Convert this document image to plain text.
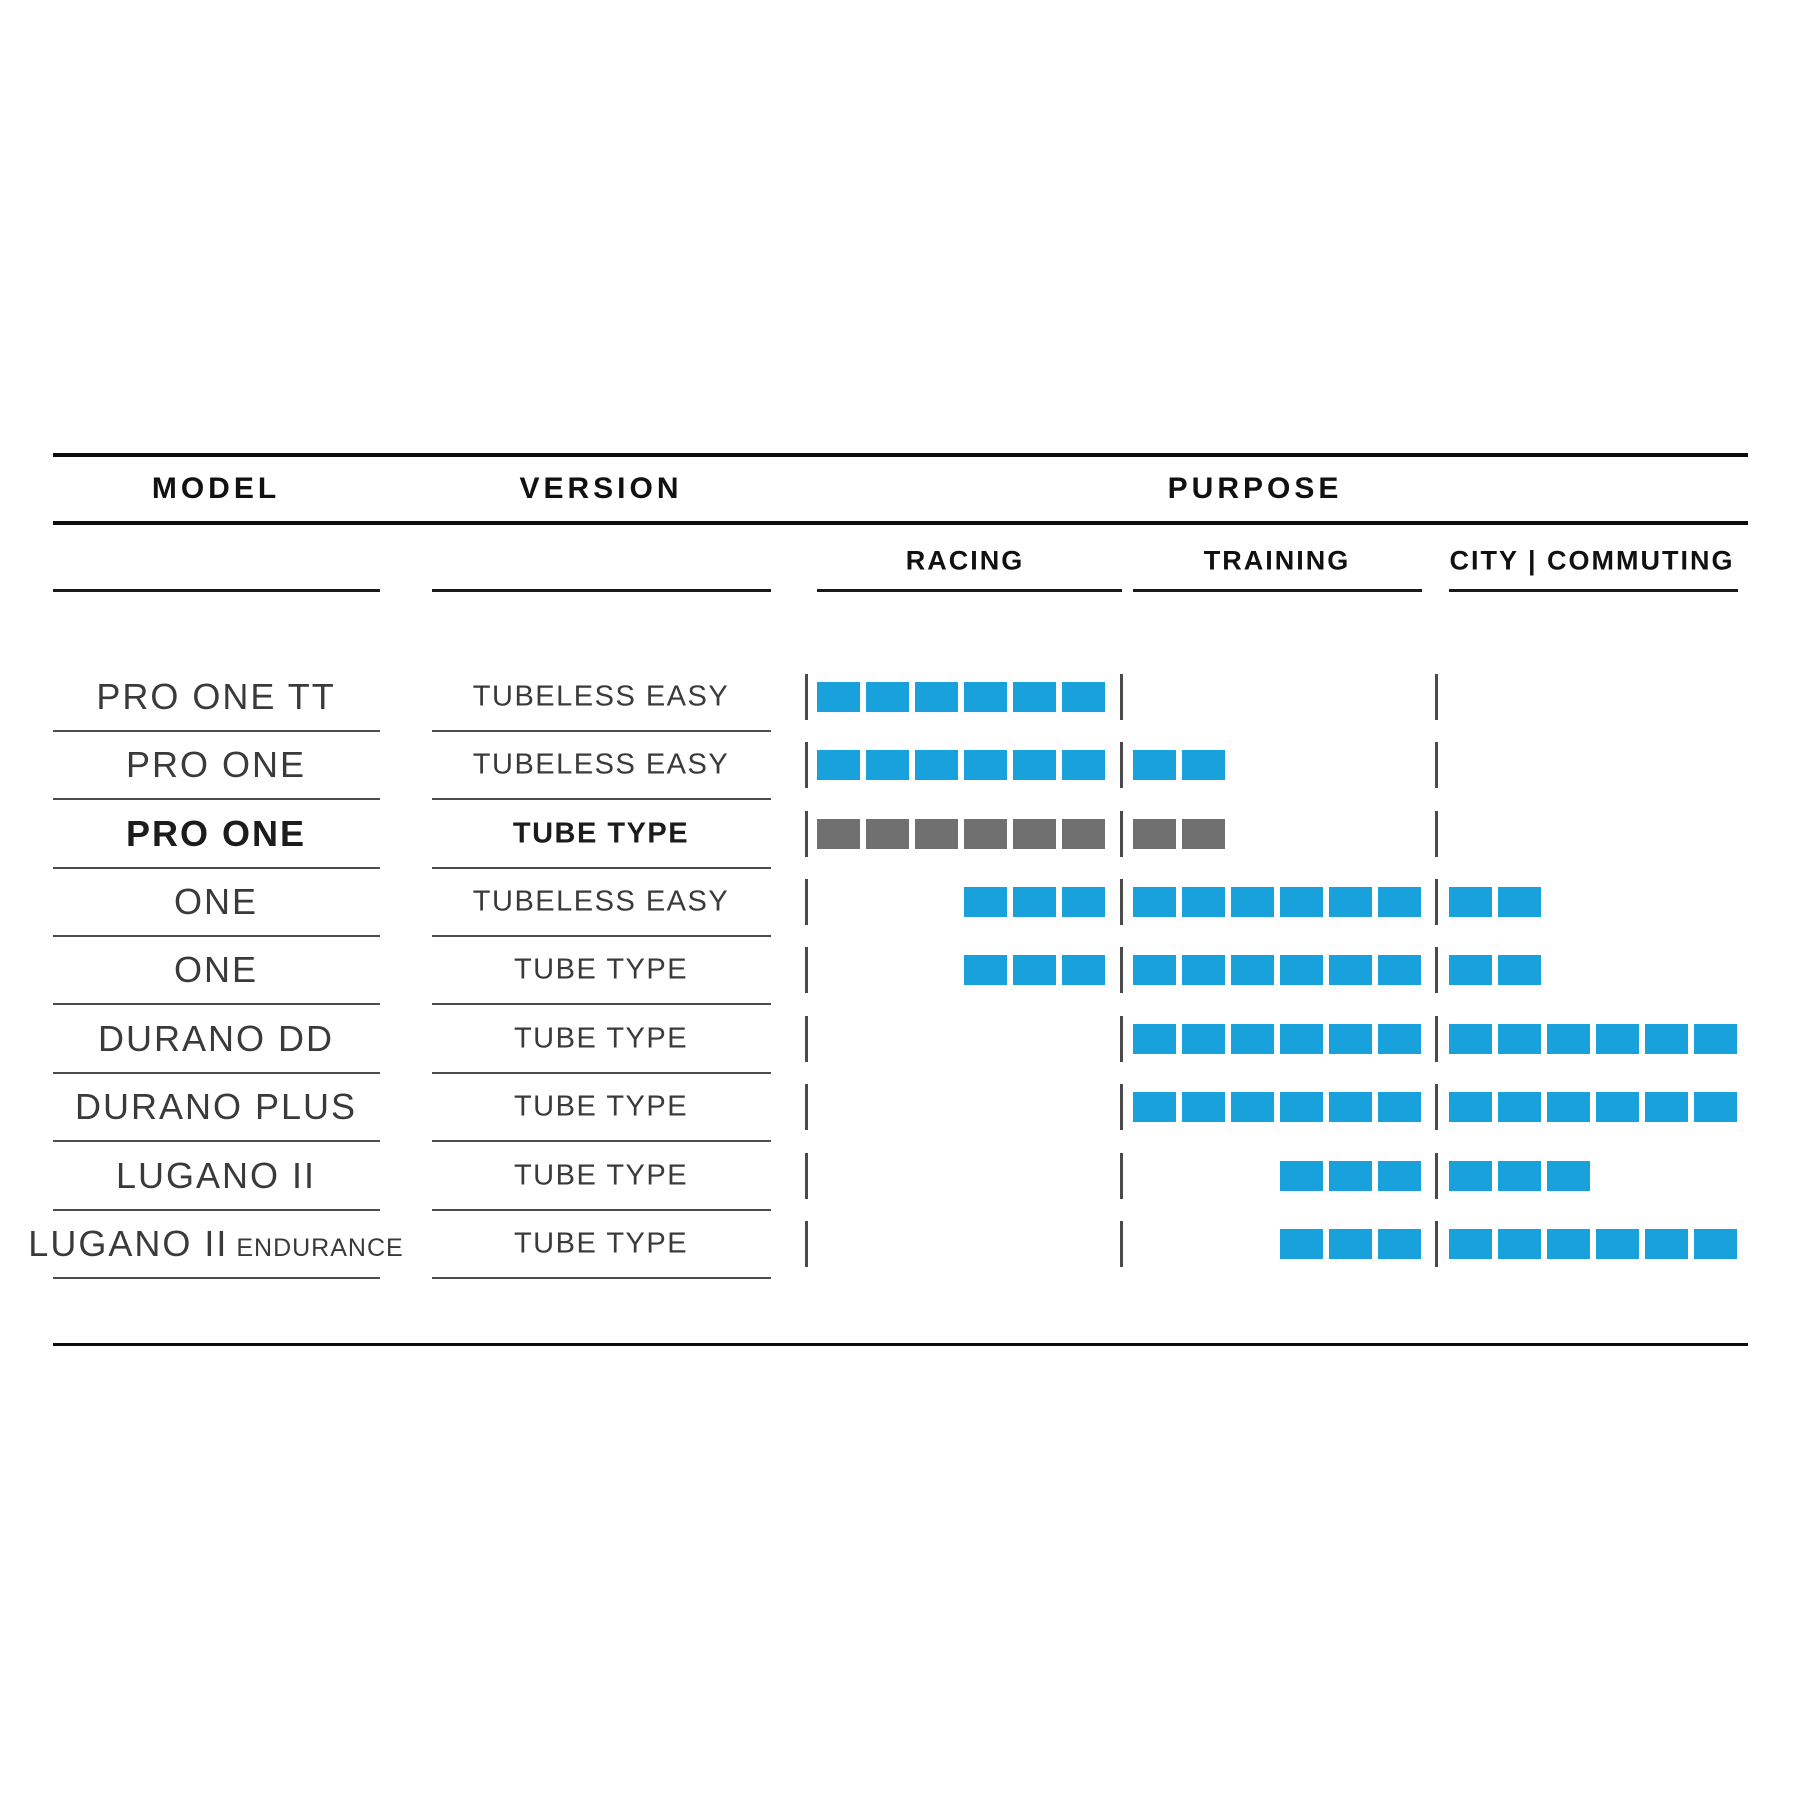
MODEL	VERSION	PURPOSE
RACING	TRAINING	CITY | COMMUTING
PRO ONE TT	TUBELESS EASY
PRO ONE	TUBELESS EASY
PRO ONE	TUBE TYPE
ONE	TUBELESS EASY
ONE	TUBE TYPE
DURANO DD	TUBE TYPE
DURANO PLUS	TUBE TYPE
LUGANO II	TUBE TYPE
LUGANO II ENDURANCE	TUBE TYPE
